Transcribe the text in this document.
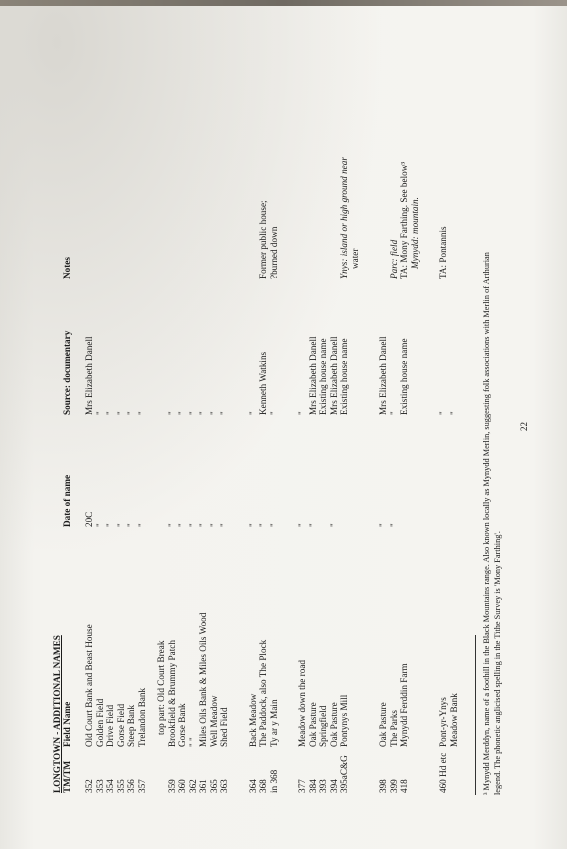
LONGTOWN - ADDITIONAL NAMES TM/TM
Field Name
Date of name
Source: documentary
Notes
352
Old Court Bank and Beast House
20C
Mrs Elizabeth Danell
353
Golden Field
"
"
354
Drive Field
"
"
355
Gorse Field
"
"
356
Steep Bank
"
"
357
Trelandon Bank
"
"
top part: Old Court Break
359
Brookfield & Brummy Patch
"
"
360
Gorse Bank
"
"
362
" "
"
"
361
Miles Oils Bank & Miles Oils Wood
"
"
365
Well Meadow
"
"
363
Shed Field
"
"
364
Back Meadow
"
"
368
The Paddock, also The Plock
"
Kenneth Watkins
Former public house;
in 368
Ty ar y Main
"
"
?burned down
377
Meadow down the road
"
"
384
Oak Pasture
"
Mrs Elizabeth Danell
393
Springfield
Existing house name
394
Oak Pasture
"
Mrs Elizabeth Danell
395aC&G
Pontynys Mill
Existing house name
Ynys: island or high ground near water
398
Oak Pasture
"
Mrs Elizabeth Danell
399
The Parks
"
"
Parc: field
418
Mynydd Ferddin Farm
Existing house name
TA: Mony Farthing. See below³ Mynydd: mountain.
460 Hd etc
Pont-yr-Ynys
"
TA: Pontannis
Meadow Bank
"	³ Mynydd Merddyn, name of a foothill in the Black Mountains range. Also known locally as Mynydd Merlin, suggesting folk associations with Merlin of Arthurian legend. The phonetic anglicised spelling in the Tithe Survey is 'Mony Farthing'.
22
